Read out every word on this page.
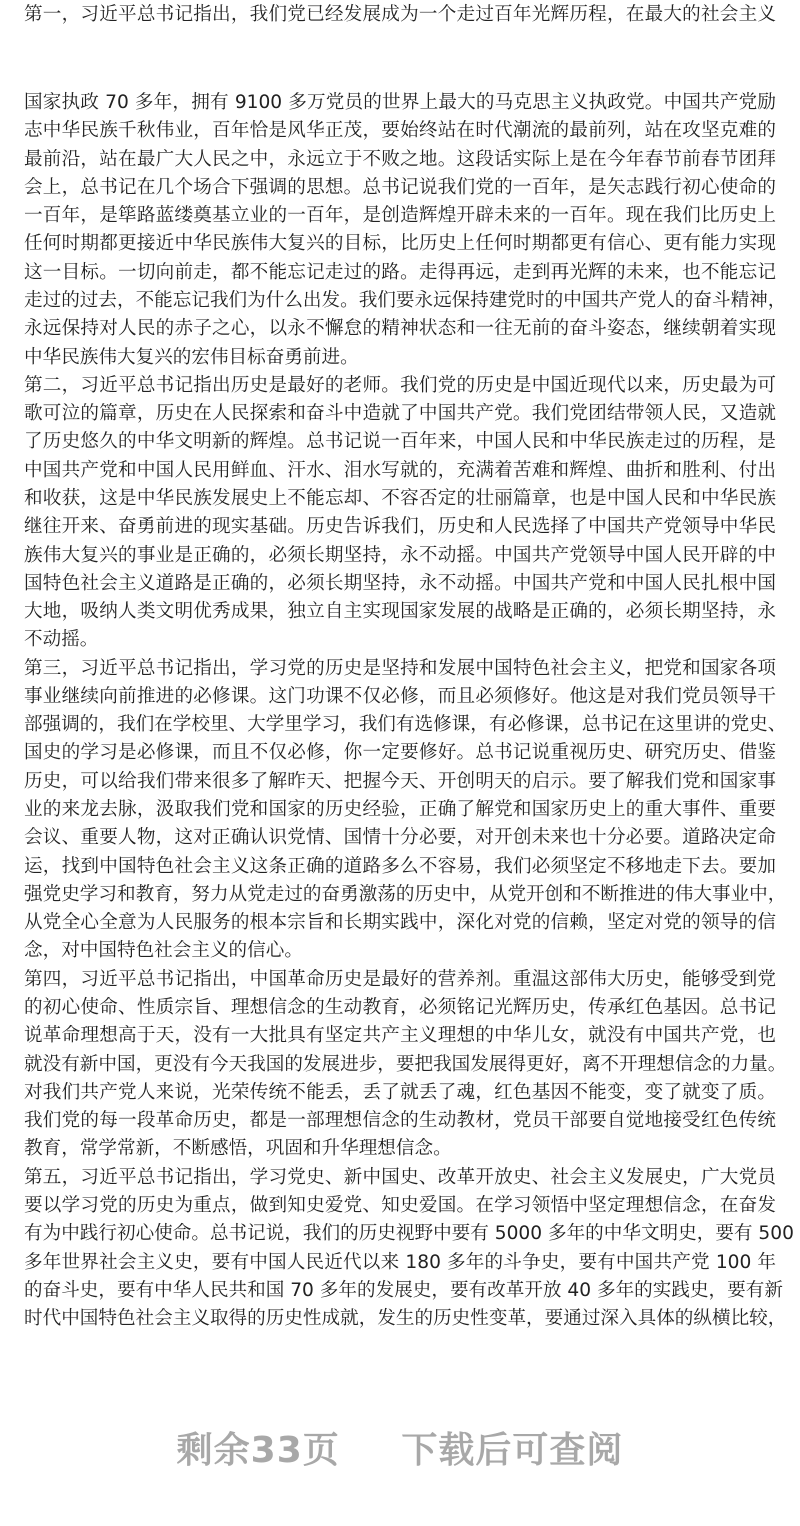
第一，习近平总书记指出，我们党已经发展成为一个走过百年光辉历程，在最大的社会主义
国家执政 70 多年，拥有 9100 多万党员的世界上最大的马克思主义执政党。中国共产党励
志中华民族千秋伟业，百年恰是风华正茂，要始终站在时代潮流的最前列，站在攻坚克难的
最前沿，站在最广大人民之中，永远立于不败之地。这段话实际上是在今年春节前春节团拜
会上，总书记在几个场合下强调的思想。总书记说我们党的一百年，是矢志践行初心使命的
一百年，是筚路蓝缕奠基立业的一百年，是创造辉煌开辟未来的一百年。现在我们比历史上
任何时期都更接近中华民族伟大复兴的目标，比历史上任何时期都更有信心、更有能力实现
这一目标。一切向前走，都不能忘记走过的路。走得再远，走到再光辉的未来，也不能忘记
走过的过去，不能忘记我们为什么出发。我们要永远保持建党时的中国共产党人的奋斗精神，
永远保持对人民的赤子之心，以永不懈怠的精神状态和一往无前的奋斗姿态，继续朝着实现
中华民族伟大复兴的宏伟目标奋勇前进。
第二，习近平总书记指出历史是最好的老师。我们党的历史是中国近现代以来，历史最为可
歌可泣的篇章，历史在人民探索和奋斗中造就了中国共产党。我们党团结带领人民，又造就
了历史悠久的中华文明新的辉煌。总书记说一百年来，中国人民和中华民族走过的历程，是
中国共产党和中国人民用鲜血、汗水、泪水写就的，充满着苦难和辉煌、曲折和胜利、付出
和收获，这是中华民族发展史上不能忘却、不容否定的壮丽篇章，也是中国人民和中华民族
继往开来、奋勇前进的现实基础。历史告诉我们，历史和人民选择了中国共产党领导中华民
族伟大复兴的事业是正确的，必须长期坚持，永不动摇。中国共产党领导中国人民开辟的中
国特色社会主义道路是正确的，必须长期坚持，永不动摇。中国共产党和中国人民扎根中国
大地，吸纳人类文明优秀成果，独立自主实现国家发展的战略是正确的，必须长期坚持，永
不动摇。
第三，习近平总书记指出，学习党的历史是坚持和发展中国特色社会主义，把党和国家各项
事业继续向前推进的必修课。这门功课不仅必修，而且必须修好。他这是对我们党员领导干
部强调的，我们在学校里、大学里学习，我们有选修课，有必修课，总书记在这里讲的党史、
国史的学习是必修课，而且不仅必修，你一定要修好。总书记说重视历史、研究历史、借鉴
历史，可以给我们带来很多了解昨天、把握今天、开创明天的启示。要了解我们党和国家事
业的来龙去脉，汲取我们党和国家的历史经验，正确了解党和国家历史上的重大事件、重要
会议、重要人物，这对正确认识党情、国情十分必要，对开创未来也十分必要。道路决定命
运，找到中国特色社会主义这条正确的道路多么不容易，我们必须坚定不移地走下去。要加
强党史学习和教育，努力从党走过的奋勇激荡的历史中，从党开创和不断推进的伟大事业中，
从党全心全意为人民服务的根本宗旨和长期实践中，深化对党的信赖，坚定对党的领导的信
念，对中国特色社会主义的信心。
第四，习近平总书记指出，中国革命历史是最好的营养剂。重温这部伟大历史，能够受到党
的初心使命、性质宗旨、理想信念的生动教育，必须铭记光辉历史，传承红色基因。总书记
说革命理想高于天，没有一大批具有坚定共产主义理想的中华儿女，就没有中国共产党，也
就没有新中国，更没有今天我国的发展进步，要把我国发展得更好，离不开理想信念的力量。
对我们共产党人来说，光荣传统不能丢，丢了就丢了魂，红色基因不能变，变了就变了质。
我们党的每一段革命历史，都是一部理想信念的生动教材，党员干部要自觉地接受红色传统
教育，常学常新，不断感悟，巩固和升华理想信念。
第五，习近平总书记指出，学习党史、新中国史、改革开放史、社会主义发展史，广大党员
要以学习党的历史为重点，做到知史爱党、知史爱国。在学习领悟中坚定理想信念，在奋发
有为中践行初心使命。总书记说，我们的历史视野中要有 5000 多年的中华文明史，要有 500
多年世界社会主义史，要有中国人民近代以来 180 多年的斗争史，要有中国共产党 100 年
的奋斗史，要有中华人民共和国 70 多年的发展史，要有改革开放 40 多年的实践史，要有新
时代中国特色社会主义取得的历史性成就，发生的历史性变革，要通过深入具体的纵横比较，
剩余33页 下载后可查阅
